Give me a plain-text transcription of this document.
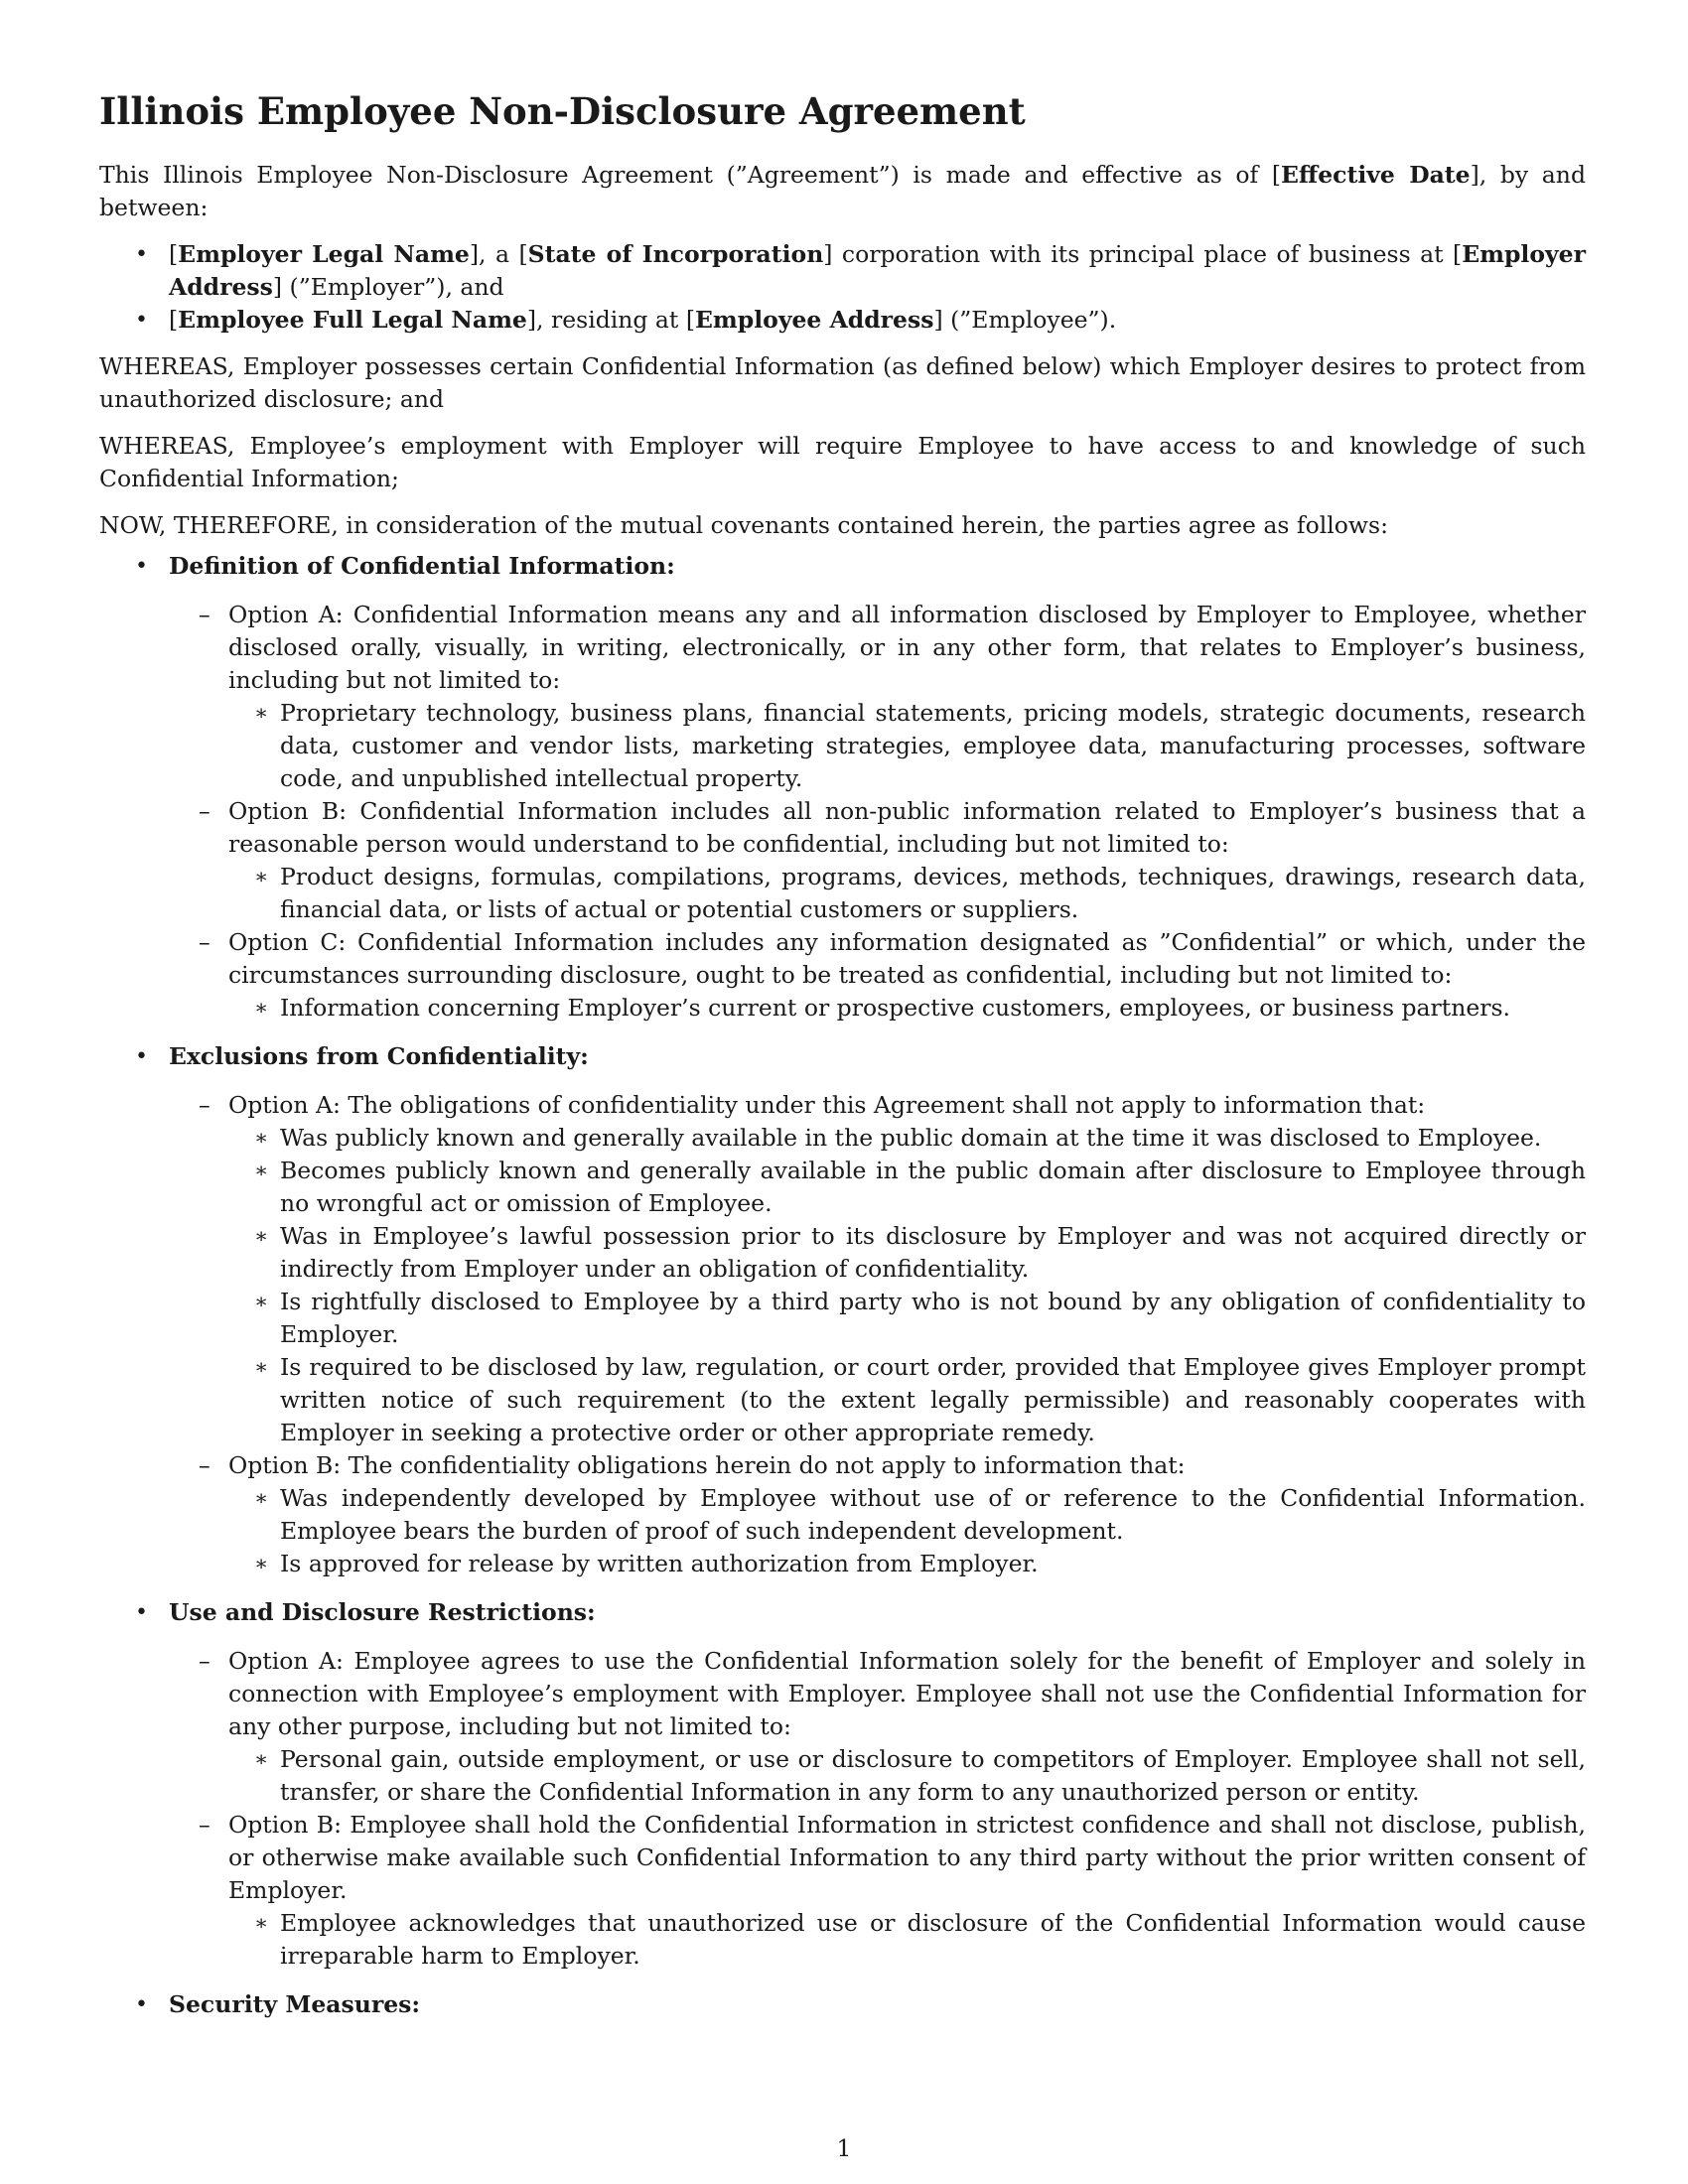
Illinois Employee Non-Disclosure Agreement

This Illinois Employee Non-Disclosure Agreement (”Agreement”) is made and effective as of [Effective Date], by and between:

• [Employer Legal Name], a [State of Incorporation] corporation with its principal place of business at [Employer Address] (”Employer”), and
• [Employee Full Legal Name], residing at [Employee Address] (”Employee”).

WHEREAS, Employer possesses certain Confidential Information (as defined below) which Employer desires to protect from unauthorized disclosure; and

WHEREAS, Employee’s employment with Employer will require Employee to have access to and knowledge of such Confidential Information;

NOW, THEREFORE, in consideration of the mutual covenants contained herein, the parties agree as follows:

• Definition of Confidential Information:
– Option A: Confidential Information means any and all information disclosed by Employer to Employee, whether disclosed orally, visually, in writing, electronically, or in any other form, that relates to Employer’s business, including but not limited to:
∗ Proprietary technology, business plans, financial statements, pricing models, strategic documents, research data, customer and vendor lists, marketing strategies, employee data, manufacturing processes, software code, and unpublished intellectual property.
– Option B: Confidential Information includes all non-public information related to Employer’s business that a reasonable person would understand to be confidential, including but not limited to:
∗ Product designs, formulas, compilations, programs, devices, methods, techniques, drawings, research data, financial data, or lists of actual or potential customers or suppliers.
– Option C: Confidential Information includes any information designated as ”Confidential” or which, under the circumstances surrounding disclosure, ought to be treated as confidential, including but not limited to:
∗ Information concerning Employer’s current or prospective customers, employees, or business partners.
• Exclusions from Confidentiality:
– Option A: The obligations of confidentiality under this Agreement shall not apply to information that:
∗ Was publicly known and generally available in the public domain at the time it was disclosed to Employee.
∗ Becomes publicly known and generally available in the public domain after disclosure to Employee through no wrongful act or omission of Employee.
∗ Was in Employee’s lawful possession prior to its disclosure by Employer and was not acquired directly or indirectly from Employer under an obligation of confidentiality.
∗ Is rightfully disclosed to Employee by a third party who is not bound by any obligation of confidentiality to Employer.
∗ Is required to be disclosed by law, regulation, or court order, provided that Employee gives Employer prompt written notice of such requirement (to the extent legally permissible) and reasonably cooperates with Employer in seeking a protective order or other appropriate remedy.
– Option B: The confidentiality obligations herein do not apply to information that:
∗ Was independently developed by Employee without use of or reference to the Confidential Information. Employee bears the burden of proof of such independent development.
∗ Is approved for release by written authorization from Employer.
• Use and Disclosure Restrictions:
– Option A: Employee agrees to use the Confidential Information solely for the benefit of Employer and solely in connection with Employee’s employment with Employer. Employee shall not use the Confidential Information for any other purpose, including but not limited to:
∗ Personal gain, outside employment, or use or disclosure to competitors of Employer. Employee shall not sell, transfer, or share the Confidential Information in any form to any unauthorized person or entity.
– Option B: Employee shall hold the Confidential Information in strictest confidence and shall not disclose, publish, or otherwise make available such Confidential Information to any third party without the prior written consent of Employer.
∗ Employee acknowledges that unauthorized use or disclosure of the Confidential Information would cause irreparable harm to Employer.
• Security Measures:
1
